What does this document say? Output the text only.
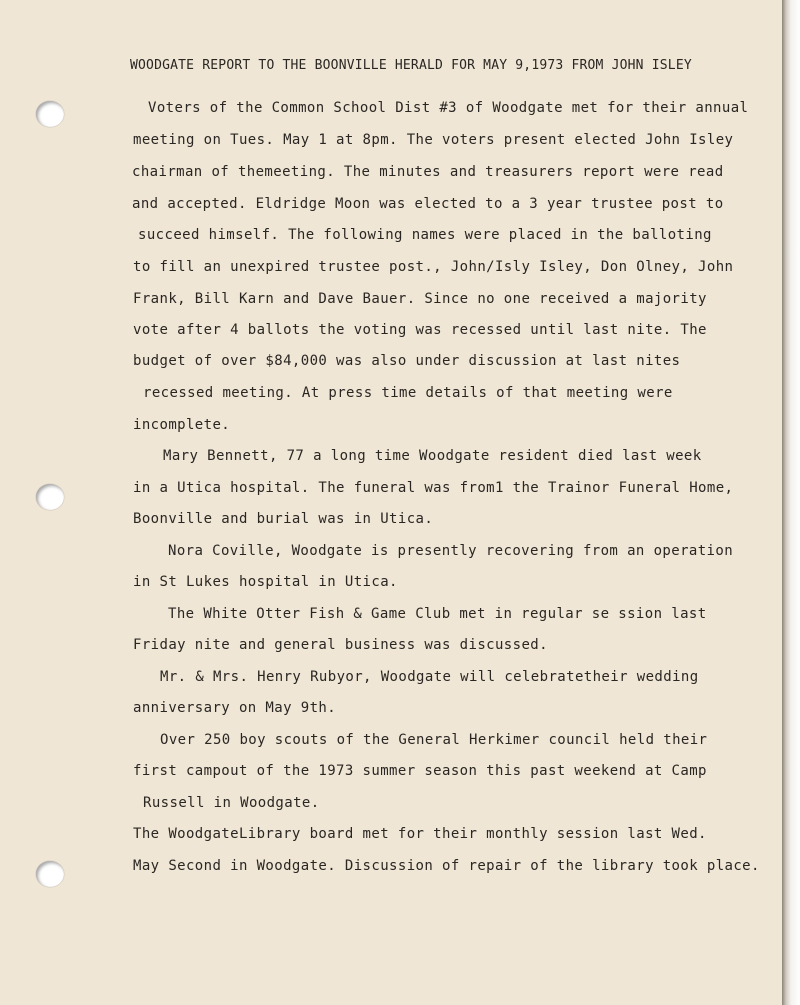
WOODGATE REPORT TO THE BOONVILLE HERALD FOR MAY 9,1973 FROM JOHN ISLEY
Voters of the Common School Dist #3 of Woodgate met for their annual
meeting on Tues. May 1 at 8pm. The voters present elected John Isley
chairman of themeeting. The minutes and treasurers report were read
and accepted. Eldridge Moon was elected to a 3 year trustee post to
succeed himself. The following names were placed in the balloting
to fill an unexpired trustee post., John/Isly Isley, Don Olney, John
Frank, Bill Karn and Dave Bauer. Since no one received a majority
vote after 4 ballots the voting was recessed until last nite. The
budget of over $84,000 was also under discussion at last nites
recessed meeting. At press time details of that meeting were
incomplete.
Mary Bennett, 77 a long time Woodgate resident died last week
in a Utica hospital. The funeral was from1 the Trainor Funeral Home,
Boonville and burial was in Utica.
Nora Coville, Woodgate is presently recovering from an operation
in St Lukes hospital in Utica.
The White Otter Fish & Game Club met in regular se ssion last
Friday nite and general business was discussed.
Mr. & Mrs. Henry Rubyor, Woodgate will celebratetheir wedding
anniversary on May 9th.
Over 250 boy scouts of the General Herkimer council held their
first campout of the 1973 summer season this past weekend at Camp
Russell in Woodgate.
The WoodgateLibrary board met for their monthly session last Wed.
May Second in Woodgate. Discussion of repair of the library took place.
